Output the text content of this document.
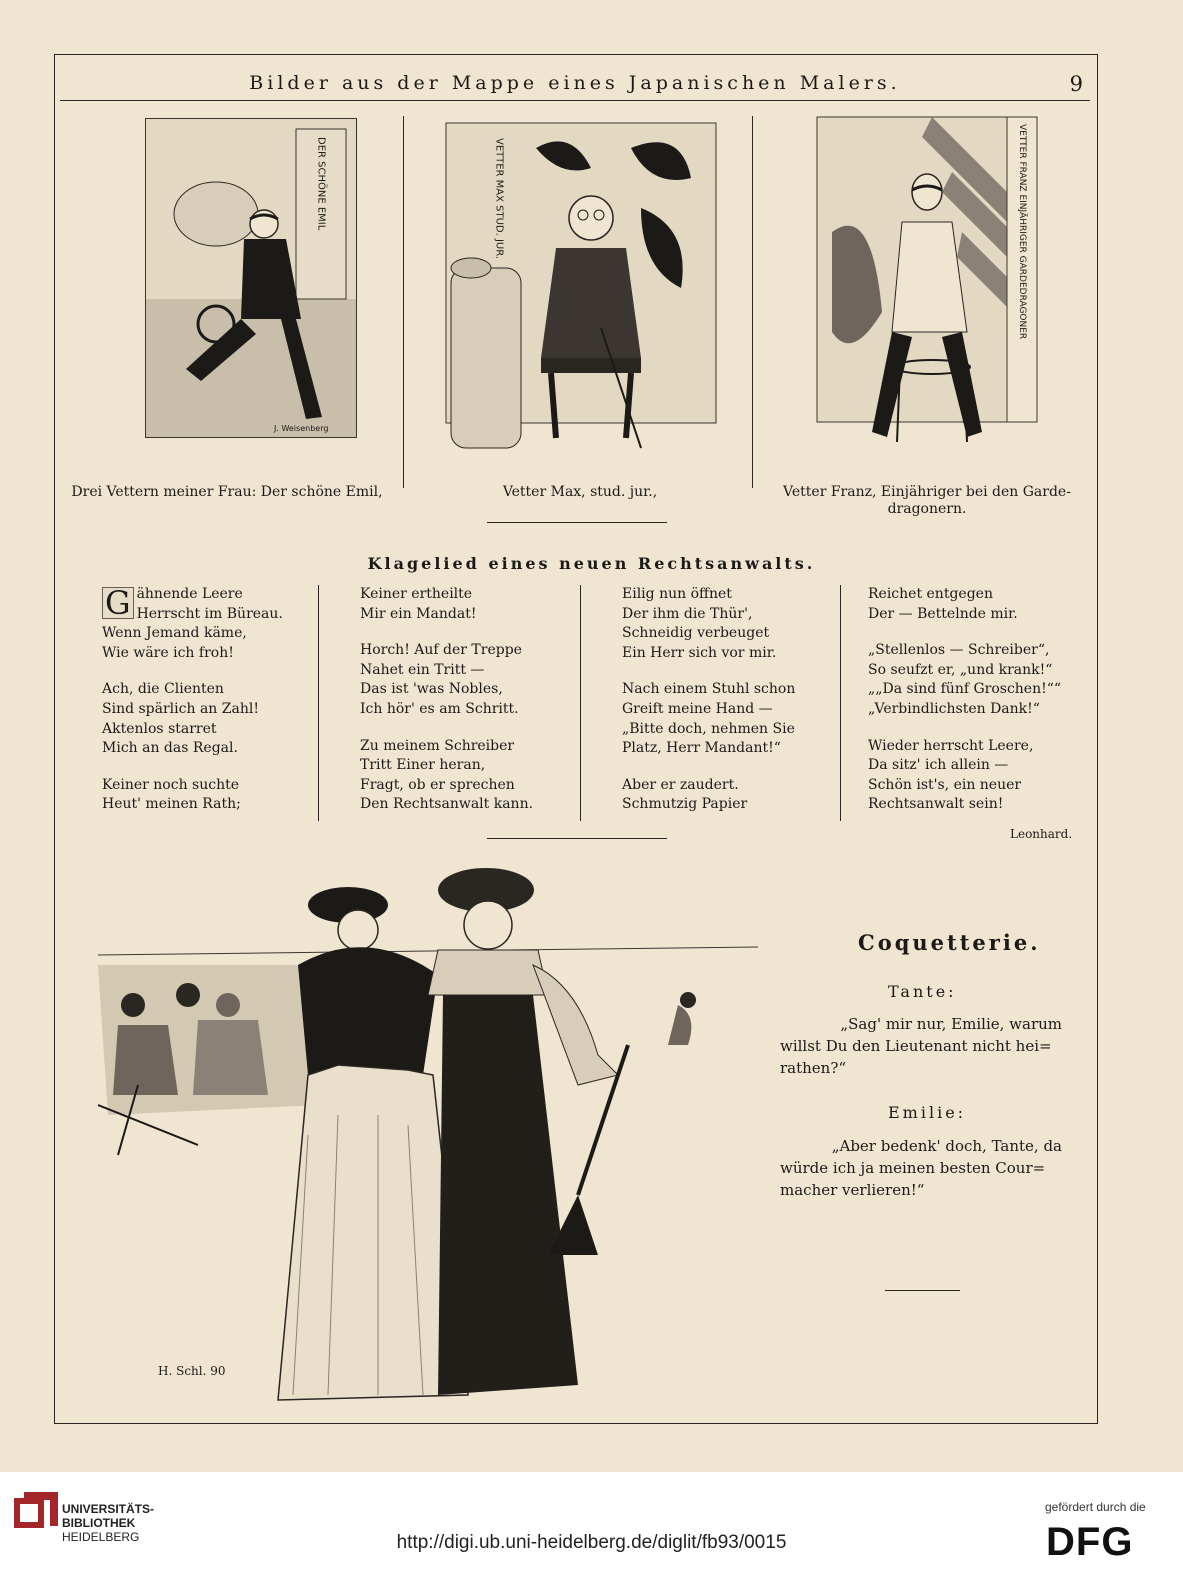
Bilder aus der Mappe eines Japanischen Malers.	9
DER SCHÖNE EMIL
J. Weisenberg
Drei Vettern meiner Frau: Der schöne Emil,
VETTER MAX STUD. JUR.
Vetter Max, stud. jur.,
VETTER FRANZ EINJÄHRIGER GARDEDRAGONER
Vetter Franz, Einjähriger bei den Garde-
dragonern.
Klagelied eines neuen Rechtsanwalts.
G ähnende Leere
Herrscht im Büreau.
Wenn Jemand käme,
Wie wäre ich froh!
Ach, die Clienten
Sind spärlich an Zahl!
Aktenlos starret
Mich an das Regal.
Keiner noch suchte
Heut' meinen Rath;
Keiner ertheilte
Mir ein Mandat!
Horch! Auf der Treppe
Nahet ein Tritt —
Das ist 'was Nobles,
Ich hör' es am Schritt.
Zu meinem Schreiber
Tritt Einer heran,
Fragt, ob er sprechen
Den Rechtsanwalt kann.
Eilig nun öffnet
Der ihm die Thür',
Schneidig verbeuget
Ein Herr sich vor mir.
Nach einem Stuhl schon
Greift meine Hand —
„Bitte doch, nehmen Sie
Platz, Herr Mandant!“
Aber er zaudert.
Schmutzig Papier
Reichet entgegen
Der — Bettelnde mir.
„Stellenlos — Schreiber“,
So seufzt er, „und krank!“
„„Da sind fünf Groschen!““
„Verbindlichsten Dank!“
Wieder herrscht Leere,
Da sitz' ich allein —
Schön ist's, ein neuer
Rechtsanwalt sein!
Leonhard.
H. Schl. 90
Coquetterie.
Tante:
„Sag' mir nur, Emilie, warum
willst Du den Lieutenant nicht hei=
rathen?“
Emilie:
„Aber bedenk' doch, Tante, da
würde ich ja meinen besten Cour=
macher verlieren!“
UNIVERSITÄTS-
BIBLIOTHEK
HEIDELBERG	http://digi.ub.uni-heidelberg.de/diglit/fb93/0015
gefördert durch die
DFG
